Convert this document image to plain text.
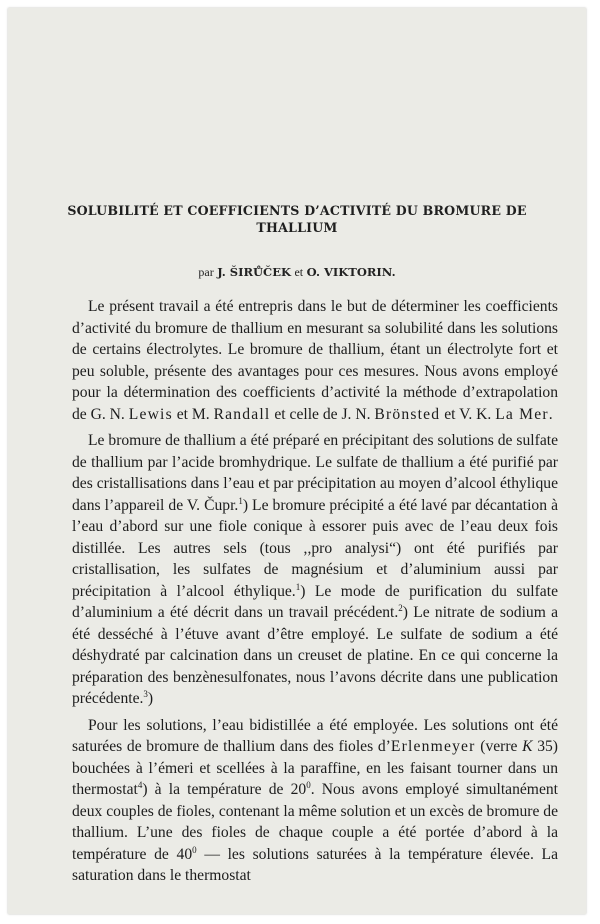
SOLUBILITÉ ET COEFFICIENTS D’ACTIVITÉ DU BROMURE DE THALLIUM
par J. ŠIRŮČEK et O. VIKTORIN.

Le présent travail a été entrepris dans le but de déterminer les coefficients d’activité du bromure de thallium en mesurant sa solubilité dans les solutions de certains électrolytes. Le bromure de thallium, étant un électrolyte fort et peu soluble, présente des avantages pour ces mesures. Nous avons employé pour la détermination des coefficients d’activité la méthode d’extrapolation de G. N. Lewis et M. Randall et celle de J. N. Brönsted et V. K. La Mer.

Le bromure de thallium a été préparé en précipitant des solutions de sulfate de thallium par l’acide bromhydrique. Le sulfate de thallium a été purifié par des cristallisations dans l’eau et par précipitation au moyen d’alcool éthylique dans l’appareil de V. Čupr.$^1$) Le bromure précipité a été lavé par décantation à l’eau d’abord sur une fiole conique à essorer puis avec de l’eau deux fois distillée. Les autres sels (tous ,,pro analysi“) ont été purifiés par cristallisation, les sulfates de magnésium et d’aluminium aussi par précipitation à l’alcool éthylique.$^1$) Le mode de purification du sulfate d’aluminium a été décrit dans un travail précédent.$^2$) Le nitrate de sodium a été desséché à l’étuve avant d’être employé. Le sulfate de sodium a été déshydraté par calcination dans un creuset de platine. En ce qui concerne la préparation des benzènesulfonates, nous l’avons décrite dans une publication précédente.$^3$)

Pour les solutions, l’eau bidistillée a été employée. Les solutions ont été saturées de bromure de thallium dans des fioles d’Erlenmeyer (verre K 35) bouchées à l’émeri et scellées à la paraffine, en les faisant tourner dans un thermostat$^4$) à la température de $20^0$. Nous avons employé simultanément deux couples de fioles, contenant la même solution et un excès de bromure de thallium. L’une des fioles de chaque couple a été portée d’abord à la température de $40^0$ — les solutions saturées à la température élevée. La saturation dans le thermostat
